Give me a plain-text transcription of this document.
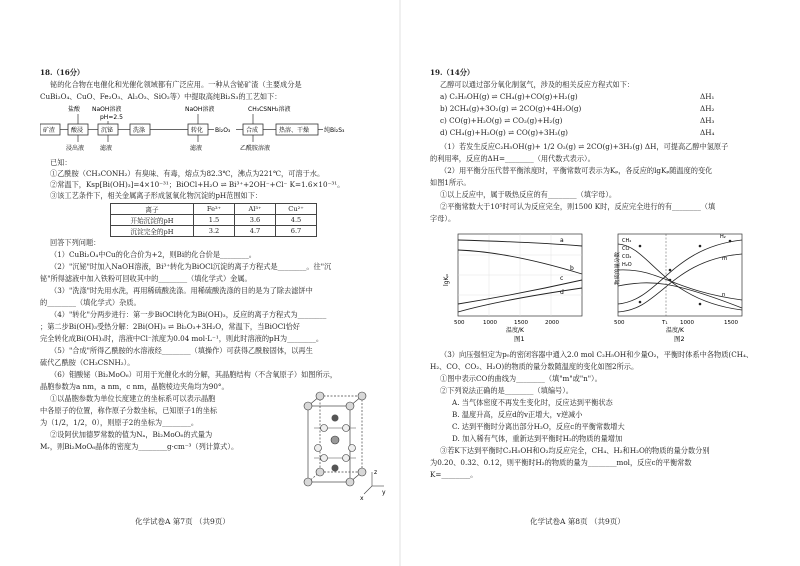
18.（16分）
铋的化合物在电催化和光催化领域都有广泛应用。一种从含铋矿渣（主要成分是
CuBi₂O₄、CuO、Fe₂O₃、Al₂O₃、SiO₂等）中提取高纯Bi₂S₃的工艺如下：
盐酸 NaOH溶液
pH=2.5
NaOH溶液	CH₃CSNH₂溶液
矿渣	酸浸	沉铋	洗涤	转化 Bi₂O₃	合成	热溶、干燥 纯Bi₂S₃
浸出液	滤液	滤液	乙酰胺溶液
已知：
①乙酰胺（CH₃CONH₂）有臭味、有毒，熔点为82.3℃，沸点为221℃，可溶于水。
②常温下，Ksp[Bi(OH)₃]=4×10⁻³¹；BiOCl+H₂O ⇌ Bi³⁺+2OH⁻+Cl⁻ K=1.6×10⁻³¹。
③该工艺条件下，相关金属离子形成氢氧化物沉淀的pH范围如下：
离子	Fe³⁺	Al³⁺	Cu²⁺
开始沉淀的pH	1.5	3.6	4.5
沉淀完全的pH	3.2	4.7	6.7
回答下列问题：
（1）CuBi₂O₄中Cu的化合价为+2，则Bi的化合价是________。
（2）"沉铋"时加入NaOH溶液，Bi³⁺转化为BiOCl沉淀的离子方程式是________。往"沉
铋"所得滤液中加入铁粉可回收其中的________（填化学式）金属。
（3）"洗涤"时先用水洗，再用稀硫酸洗涤。用稀硫酸洗涤的目的是为了除去滤饼中
的________（填化学式）杂质。
（4）"转化"分两步进行：第一步BiOCl转化为Bi(OH)₃，反应的离子方程式为________
；第二步Bi(OH)₃受热分解：2Bi(OH)₃ ⇌ Bi₂O₃+3H₂O，常温下，当BiOCl恰好
完全转化成Bi(OH)₃时，溶液中Cl⁻浓度为0.04 mol·L⁻¹，则此时溶液的pH为________。
（5）"合成"所得乙酰胺的水溶液经________（填操作）可获得乙酰胺固体，以再生
硫代乙酰胺（CH₃CSNH₂）。
（6）钼酸铋（Bi₂MoO₆）可用于光催化水的分解，其晶胞结构（不含氧原子）如图所示，
晶胞参数为a nm，a nm，c nm，晶胞棱边夹角均为90°。
①以晶胞参数为单位长度建立的坐标系可以表示晶胞
中各原子的位置，称作原子分数坐标，已知原子1的坐标
为（1/2，1/2，0），则原子2的坐标为________。
②设阿伏加德罗常数的值为Nₐ，Bi₂MoO₆的式量为
Mᵣ，则Bi₂MoO₆晶体的密度为________g·cm⁻³（列计算式）。
z
x
y
化学试卷A 第7页 （共9页）
19.（14分）
乙醇可以通过部分氧化制氢气，涉及的相关反应方程式如下：
a) C₂H₅OH(g) ⇌ CH₄(g)+CO(g)+H₂(g)	ΔH₁
b) 2CH₄(g)+3O₂(g) ⇌ 2CO(g)+4H₂O(g)	ΔH₂
c) CO(g)+H₂O(g) ⇌ CO₂(g)+H₂(g)	ΔH₃
d) CH₄(g)+H₂O(g) ⇌ CO(g)+3H₂(g)	ΔH₄
（1）若发生反应C₂H₅OH(g)+ 1/2 O₂(g) ⇌ 2CO(g)+3H₂(g) ΔH，可提高乙醇中氢原子
的利用率，反应的ΔH=________（用代数式表示）。
（2）用平衡分压代替平衡浓度时，平衡常数可表示为Kₚ，各反应的lgKₚ随温度的变化
如图1所示。
①以上反应中，属于吸热反应的有________（填字母）。
②平衡常数大于10⁵时可认为反应完全，则1500 K时，反应完全进行的有________（填
字母）。
lgKₚ
a
b
c
d
500	1000	1500	2000
温度/K
图1
物质的量分数
CH₄
H₂
CO
CO₂
H₂O
m
n
500	T₁ 1000	1500
温度/K
图2
（3）向压强恒定为p₀的密闭容器中通入2.0 mol C₂H₅OH和少量O₂，平衡时体系中各物质(CH₄、
H₂、CO、CO₂、H₂O)的物质的量分数随温度的变化如图2所示。
①图中表示CO的曲线为________（填"m"或"n"）。
②下列说法正确的是________（填编号）。
A. 当气体密度不再发生变化时，反应达到平衡状态
B. 温度升高，反应d的v正增大，v逆减小
C. 达到平衡时分离出部分H₂O，反应c的平衡常数增大
D. 加入稀有气体，重新达到平衡时H₂的物质的量增加
③若K下达到平衡时C₂H₅OH和O₂均反应完全，CH₄、H₂和H₂O的物质的量分数分别
为0.20、0.32、0.12，则平衡时H₂的物质的量为________mol，反应c的平衡常数
K=________。
化学试卷A 第8页 （共9页）
